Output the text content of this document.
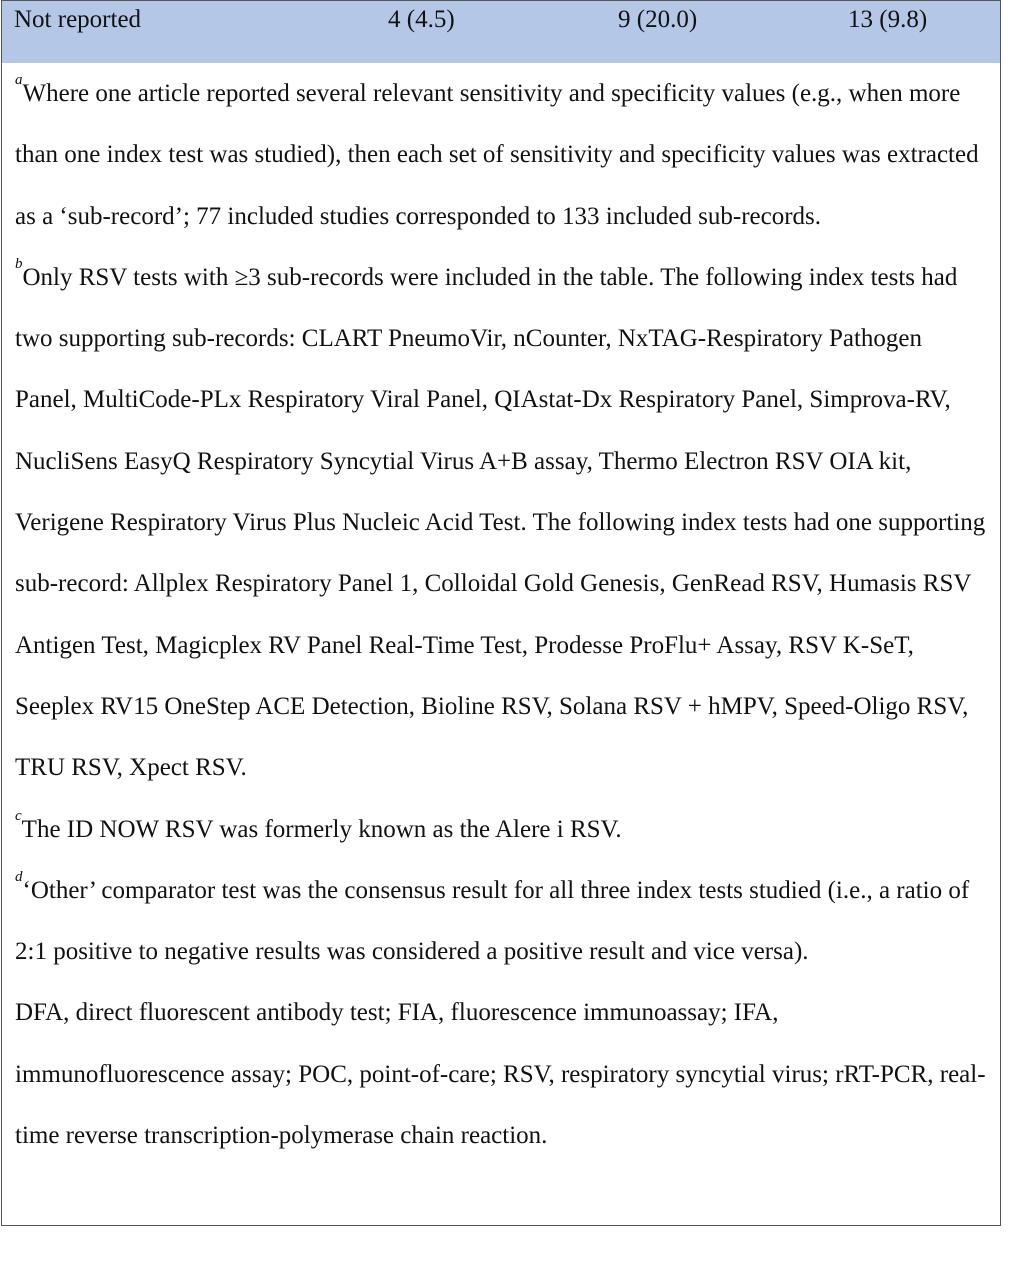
Not reported	4 (4.5)	9 (20.0)	13 (9.8)

$^a$Where one article reported several relevant sensitivity and specificity values (e.g., when more than one index test was studied), then each set of sensitivity and specificity values was extracted as a ‘sub-record’; 77 included studies corresponded to 133 included sub-records.

$^b$Only RSV tests with ≥3 sub-records were included in the table. The following index tests had two supporting sub-records: CLART PneumoVir, nCounter, NxTAG-Respiratory Pathogen Panel, MultiCode-PLx Respiratory Viral Panel, QIAstat-Dx Respiratory Panel, Simprova-RV, NucliSens EasyQ Respiratory Syncytial Virus A+B assay, Thermo Electron RSV OIA kit, Verigene Respiratory Virus Plus Nucleic Acid Test. The following index tests had one supporting sub-record: Allplex Respiratory Panel 1, Colloidal Gold Genesis, GenRead RSV, Humasis RSV Antigen Test, Magicplex RV Panel Real-Time Test, Prodesse ProFlu+ Assay, RSV K-SeT, Seeplex RV15 OneStep ACE Detection, Bioline RSV, Solana RSV + hMPV, Speed-Oligo RSV, TRU RSV, Xpect RSV.

$^c$The ID NOW RSV was formerly known as the Alere i RSV.

$^d$‘Other’ comparator test was the consensus result for all three index tests studied (i.e., a ratio of 2:1 positive to negative results was considered a positive result and vice versa).

DFA, direct fluorescent antibody test; FIA, fluorescence immunoassay; IFA, immunofluorescence assay; POC, point-of-care; RSV, respiratory syncytial virus; rRT-PCR, real-time reverse transcription-polymerase chain reaction.
